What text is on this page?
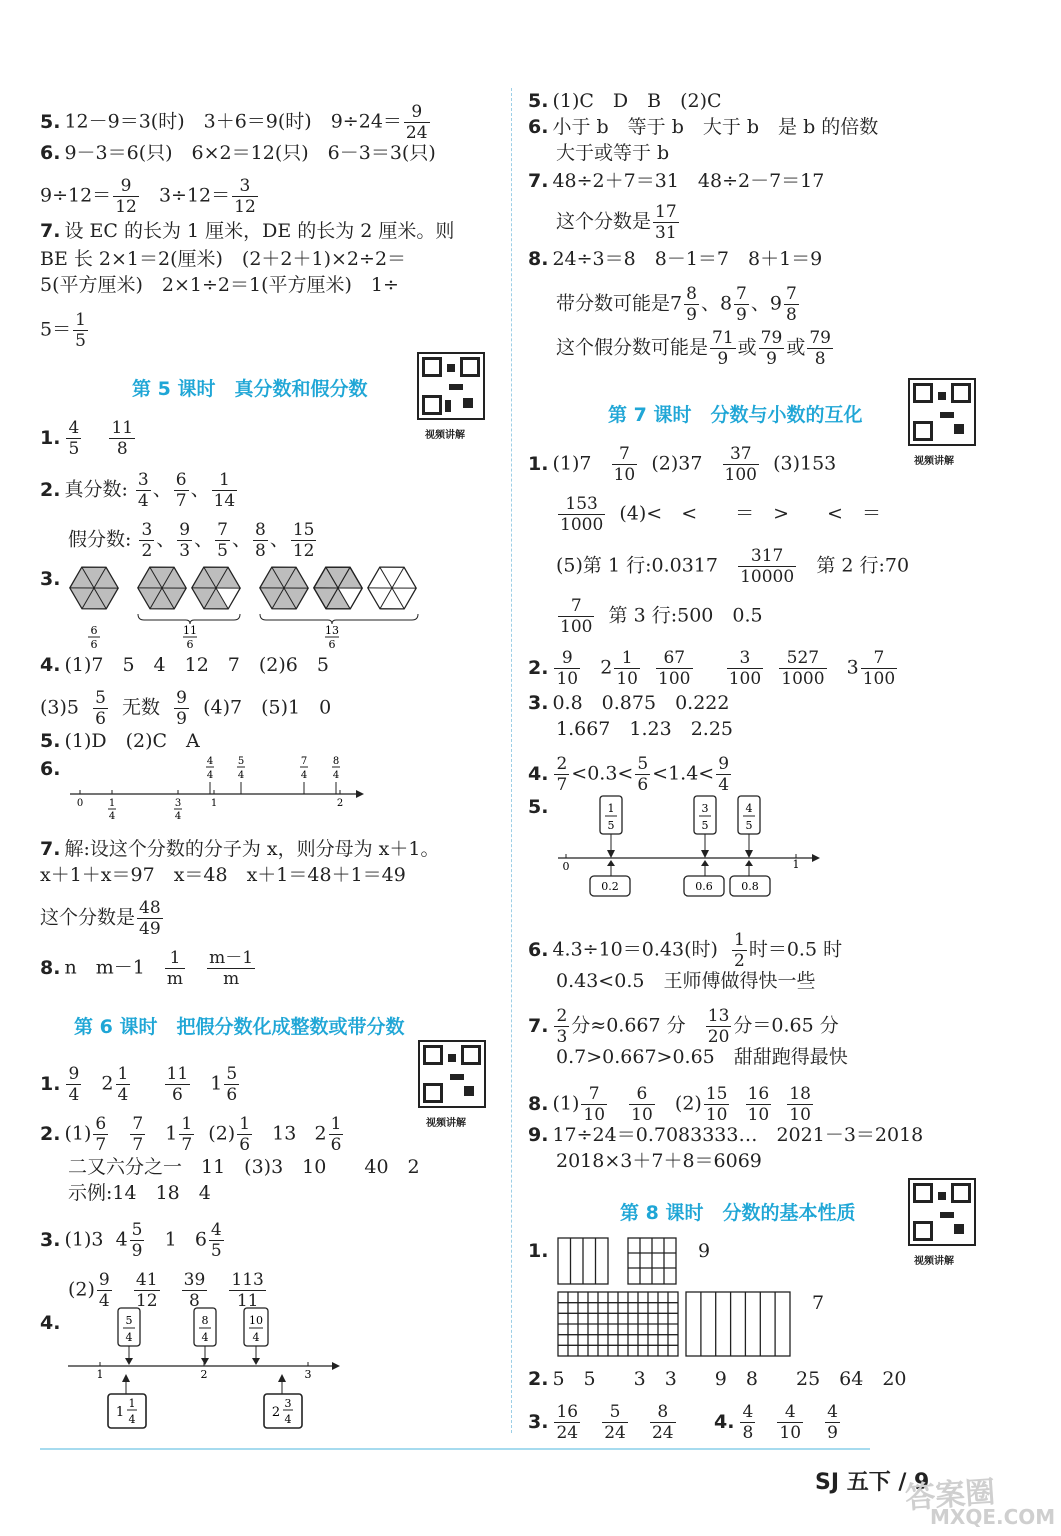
5. 12－9＝3(时)　3＋6＝9(时)　$9\div 24= \frac{9}{24}$
6. 9－3＝6(只)　6×2＝12(只)　6－3＝3(只)
$9\div 12= \frac{9}{12} 3\div 12= \frac{3}{12}$
7. 设 EC 的长为 1 厘米，DE 的长为 2 厘米。则
BE 长 2×1＝2(厘米)　(2＋2＋1)×2÷2＝
5(平方厘米)　2×1÷2＝1(平方厘米)　1÷
$5= \frac{1}{5}$
第 5 课时　真分数和假分数
视频讲解
1. $\frac{4}{5}$
$\frac{11}{8}$
2. 真分数: $\frac{3}{4}$ 、 $\frac{6}{7}$ 、 $\frac{1}{14}$
假分数: $\frac{3}{2}$ 、 $\frac{9}{3}$ 、 $\frac{7}{5}$ 、 $\frac{8}{8}$ 、 $\frac{15}{12}$
3.
6
6
11
6
13
6
4. (1)7　5　4　12　7　(2)6　5
$(3)5 \frac{5}{6}$ 无数 $\frac{9}{9} (4)7$　(5)1　0
5. (1)D　(2)C　A
6.
0	1	2
1
4
3
4
4
4
5
4
7
4
8
4
7. 解:设这个分数的分子为 x，则分母为 x＋1。
x＋1＋x＝97　x＝48　x＋1＝48＋1＝49
这个分数是 $\frac{48}{49}$
8. n　$m-1 \frac{1}{m}$
$\frac{m-1}{m}$
第 6 课时　把假分数化成整数或带分数
视频讲解
1. $\frac{9}{4} 2 \frac{1}{4}$
$\frac{11}{6} 1 \frac{5}{6}$
2. $(1) \frac{6}{7}$
$\frac{7}{7} 1 \frac{1}{7} (2) \frac{1}{6} 13$ $2 \frac{1}{6}$
二又六分之一　11　(3)3　10　　40　2
示例:14　18　4
3. (1)3 $4 \frac{5}{9} 1$ $6 \frac{4}{5}$
$(2) \frac{9}{4}$
$\frac{41}{12}$
$\frac{39}{8}$
$\frac{113}{11}$
4.	5
4
8
4
10
4
1	2	3
1
1
4	2
3
4
5. (1)C　D　B　(2)C
6. 小于 b　等于 b　大于 b　是 b 的倍数
大于或等于 b
7. 48÷2＋7＝31　48÷2－7＝17
这个分数是 $\frac{17}{31}$
8. 24÷3＝8　8－1＝7　8＋1＝9
带分数可能是$7 \frac{8}{9}$ 、$8 \frac{7}{9}$ 、$9 \frac{7}{8}$
这个假分数可能是 $\frac{71}{9}$ 或 $\frac{79}{9}$ 或 $\frac{79}{8}$
第 7 课时　分数与小数的互化
视频讲解
1. $(1)7 \frac{7}{10} (2)37 \frac{37}{100} (3)153$
$\frac{153}{1000} (4)<$　<　　＝　>　　<　＝
(5)第 1 行:0.0317 $\frac{317}{10000}$ 第 2 行:70
$\frac{7}{100}$ 第 3 行:500　0.5
2. $\frac{9}{10} 2 \frac{1}{10}$
$\frac{67}{100}$
$\frac{3}{100}$
$\frac{527}{1000} 3 \frac{7}{100}$
3. 0.8　0.875　0.222
1.667　1.23　2.25
4. $\frac{2}{7} <0.3< \frac{5}{6} <1.4< \frac{9}{4}$
5.	1
5
3
5
4
5
0	1
0.2	0.6	0.8
6. 4.3÷10＝0.43(时) $\frac{1}{2}$ 时＝0.5 时
0.43<0.5　王师傅做得快一些
7. $\frac{2}{3}$ 分≈0.667 分 $\frac{13}{20}$ 分＝0.65 分
0.7>0.667>0.65　甜甜跑得最快
8. $(1) \frac{7}{10}$
$\frac{6}{10} (2) \frac{15}{10}$
$\frac{16}{10}$
$\frac{18}{10}$
9. 17÷24＝0.7083333…　2021－3＝2018
2018×3＋7＋8＝6069
第 8 课时　分数的基本性质
视频讲解
1.	9
7
2. 5　5　　3　3　　9　8　　25　64　20
3. $\frac{16}{24}$
$\frac{5}{24}$
$\frac{8}{24} 4$. $\frac{4}{8}$
$\frac{4}{10}$
$\frac{4}{9}$
SJ 五下 / 9
答案圈
MXQE.COM
